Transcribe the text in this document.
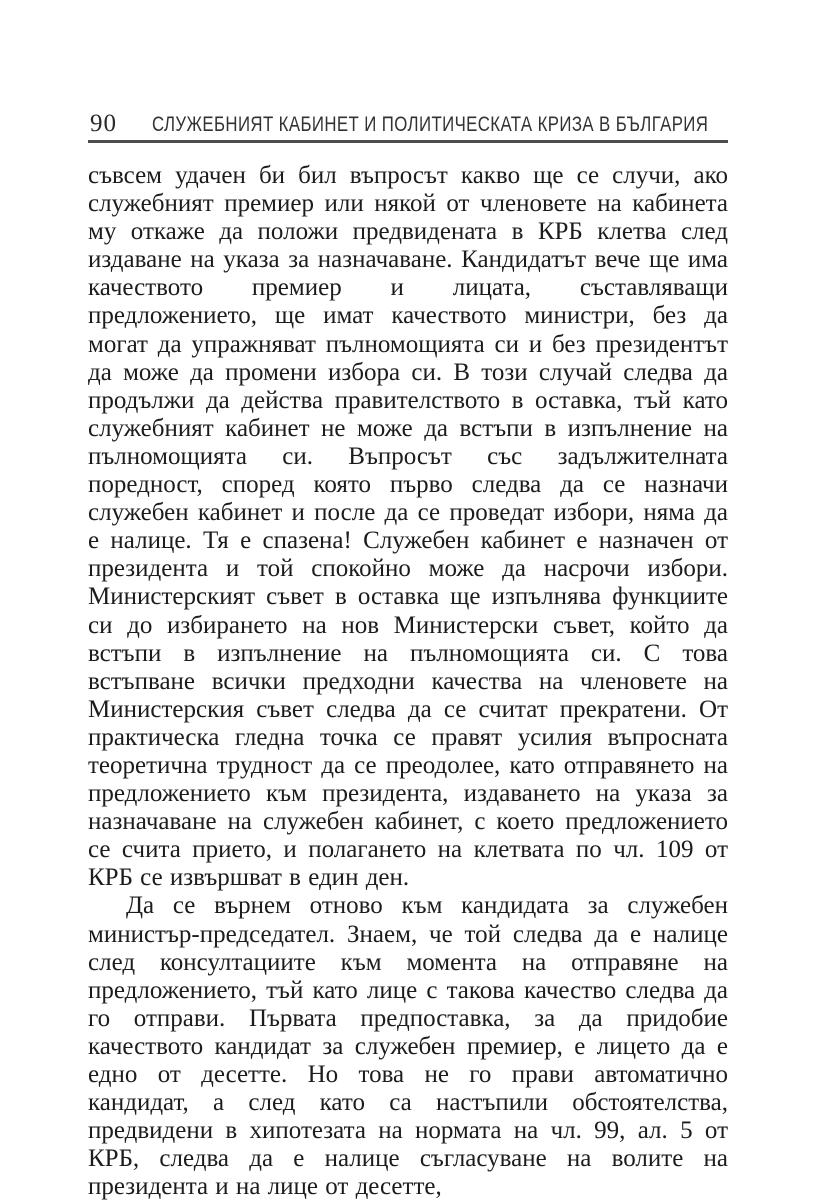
90 СЛУЖЕБНИЯТ КАБИНЕТ И ПОЛИТИЧЕСКАТА КРИЗА В БЪЛГАРИЯ

съвсем удачен би бил въпросът какво ще се случи, ако служебният премиер или някой от членовете на кабинета му откаже да положи предвидената в КРБ клетва след издаване на указа за назначаване. Кандидатът вече ще има качеството премиер и лицата, съставляващи предложението, ще имат качеството министри, без да могат да упражняват пълномощията си и без президентът да може да промени избора си. В този случай следва да продължи да действа правителството в оставка, тъй като служебният кабинет не може да встъпи в изпълнение на пълномощията си. Въпросът със задължителната поредност, според която първо следва да се назначи служебен кабинет и после да се проведат избори, няма да е налице. Тя е спазена! Служебен кабинет е назначен от президента и той спокойно може да насрочи избори. Министерският съвет в оставка ще изпълнява функциите си до избирането на нов Министерски съвет, който да встъпи в изпълнение на пълномощията си. С това встъпване всички предходни качества на членовете на Министерския съвет следва да се считат прекратени. От практическа гледна точка се правят усилия въпросната теоретична трудност да се преодолее, като отправянето на предложението към президента, издаването на указа за назначаване на служебен кабинет, с което предложението се счита прието, и полагането на клетвата по чл. 109 от КРБ се извършват в един ден.

Да се върнем отново към кандидата за служебен министър-председател. Знаем, че той следва да е налице след консултациите към момента на отправяне на предложението, тъй като лице с такова качество следва да го отправи. Първата предпоставка, за да придобие качеството кандидат за служебен премиер, е лицето да е едно от десетте. Но това не го прави автоматично кандидат, а след като са настъпили обстоятелства, предвидени в хипотезата на нормата на чл. 99, ал. 5 от КРБ, следва да е налице съгласуване на волите на президента и на лице от десетте,
